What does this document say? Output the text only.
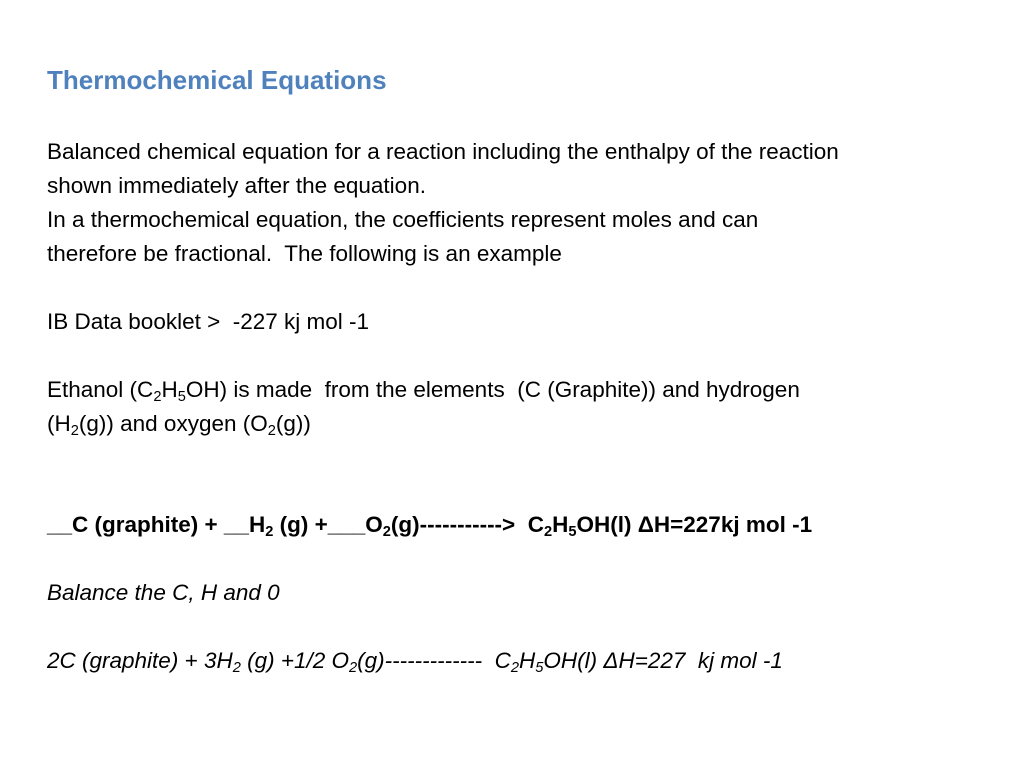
Thermochemical Equations

Balanced chemical equation for a reaction including the enthalpy of the reaction

shown immediately after the equation.

In a thermochemical equation, the coefficients represent moles and can

therefore be fractional.  The following is an example

IB Data booklet >  -227 kj mol -1

Ethanol $(C_2H_5OH)$ is made  from the elements  (C (Graphite)) and hydrogen

$(H_2(g))$ and oxygen $(O_2(g))$

__C (graphite) + $\_\_H_2$ $(g) +\_\_\_O_2(g)-----------> C_2H_5OH(l)$ ΔH=227kj mol -1

Balance the C, H and 0

2C (graphite) + $3H_2$ (g) +1/2 $O_2(g)-------------$  $C_2H_5OH(l)$ ΔH=227  kj mol -1
